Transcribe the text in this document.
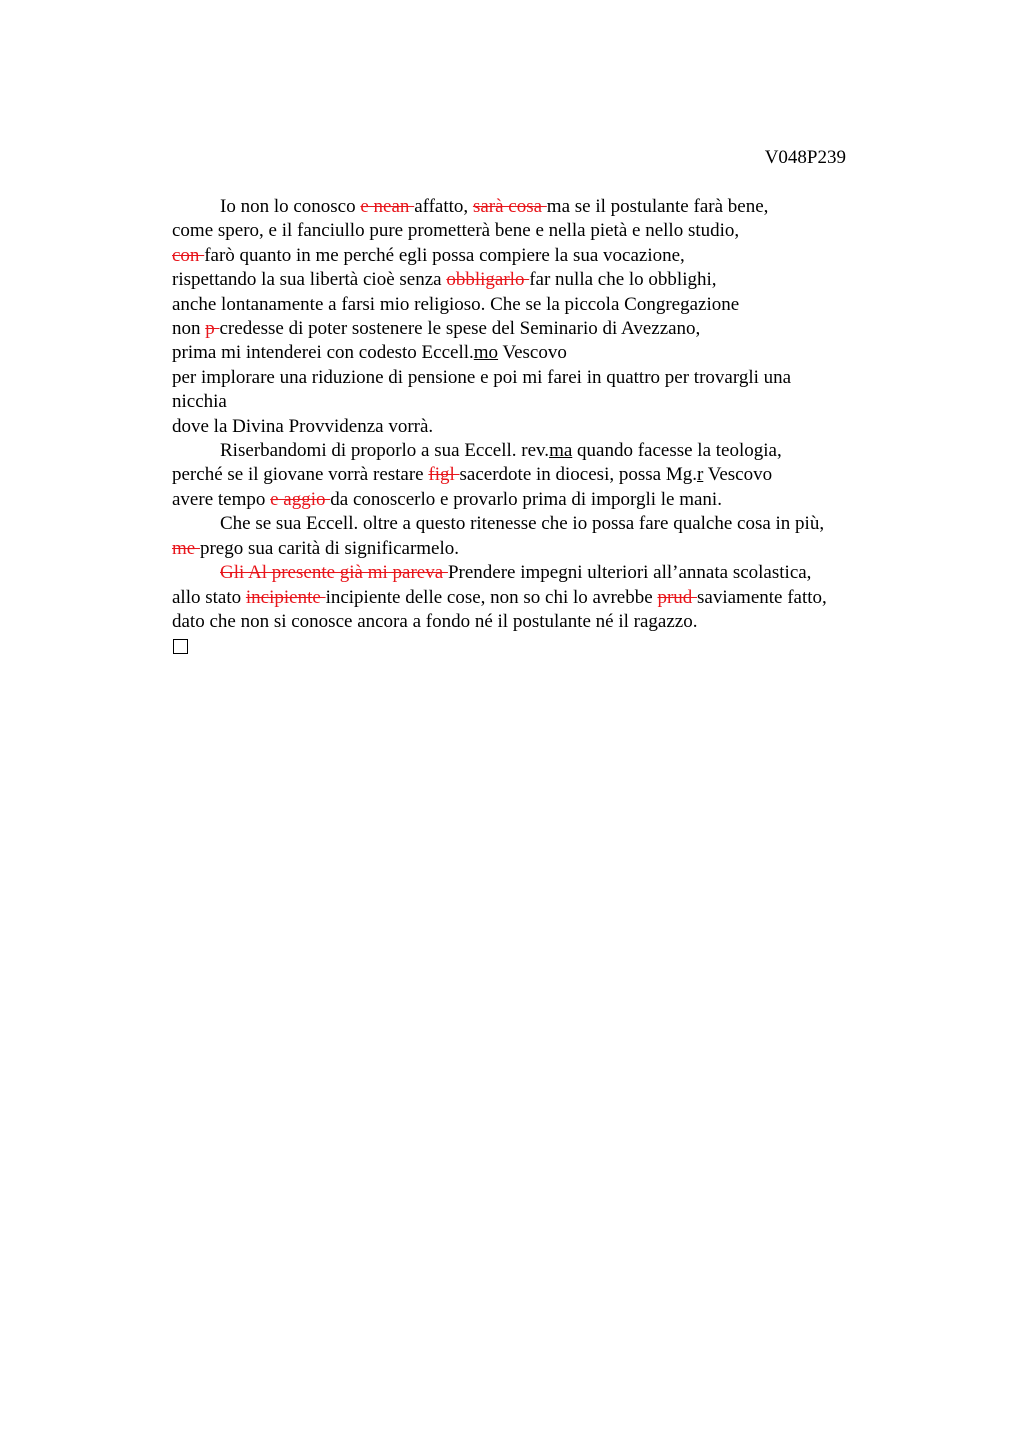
V048P239
Io non lo conosco e nean affatto, sarà cosa ma se il postulante farà bene,
come spero, e il fanciullo pure prometterà bene e nella pietà e nello studio,
con farò quanto in me perché egli possa compiere la sua vocazione,
rispettando la sua libertà cioè senza obbligarlo far nulla che lo obblighi,
anche lontanamente a farsi mio religioso. Che se la piccola Congregazione
non p credesse di poter sostenere le spese del Seminario di Avezzano,
prima mi intenderei con codesto Eccell.mo Vescovo
per implorare una riduzione di pensione e poi mi farei in quattro per trovargli una
nicchia
dove la Divina Provvidenza vorrà.
Riserbandomi di proporlo a sua Eccell. rev.ma quando facesse la teologia,
perché se il giovane vorrà restare figl sacerdote in diocesi, possa Mg.r Vescovo
avere tempo e aggio da conoscerlo e provarlo prima di imporgli le mani.
Che se sua Eccell. oltre a questo ritenesse che io possa fare qualche cosa in più,
me prego sua carità di significarmelo.
Gli Al presente già mi pareva Prendere impegni ulteriori all’annata scolastica,
allo stato incipiente incipiente delle cose, non so chi lo avrebbe prud saviamente fatto,
dato che non si conosce ancora a fondo né il postulante né il ragazzo.
